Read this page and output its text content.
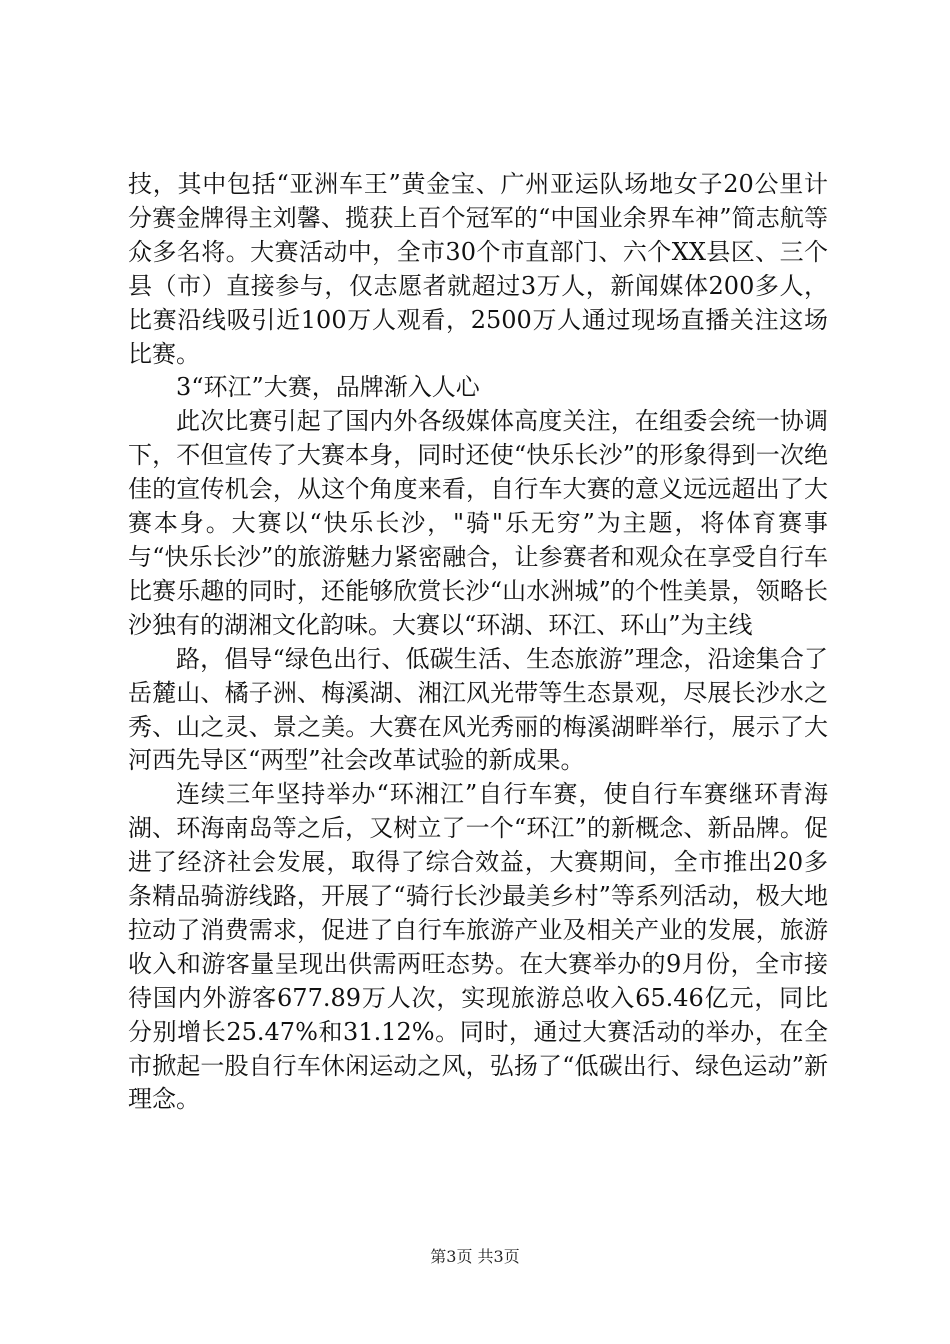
技，其中包括“亚洲车王”黄金宝、广州亚运队场地女子20公里计分赛金牌得主刘馨、揽获上百个冠军的“中国业余界车神”简志航等众多名将。大赛活动中，全市30个市直部门、六个XX县区、三个县（市）直接参与，仅志愿者就超过3万人，新闻媒体200多人，比赛沿线吸引近100万人观看，2500万人通过现场直播关注这场比赛。

3“环江”大赛，品牌渐入人心

此次比赛引起了国内外各级媒体高度关注，在组委会统一协调下，不但宣传了大赛本身，同时还使“快乐长沙”的形象得到一次绝佳的宣传机会，从这个角度来看，自行车大赛的意义远远超出了大赛本身。大赛以“快乐长沙，"骑"乐无穷”为主题，将体育赛事与“快乐长沙”的旅游魅力紧密融合，让参赛者和观众在享受自行车比赛乐趣的同时，还能够欣赏长沙“山水洲城”的个性美景，领略长沙独有的湖湘文化韵味。大赛以“环湖、环江、环山”为主线

路，倡导“绿色出行、低碳生活、生态旅游”理念，沿途集合了岳麓山、橘子洲、梅溪湖、湘江风光带等生态景观，尽展长沙水之秀、山之灵、景之美。大赛在风光秀丽的梅溪湖畔举行，展示了大河西先导区“两型”社会改革试验的新成果。

连续三年坚持举办“环湘江”自行车赛，使自行车赛继环青海湖、环海南岛等之后，又树立了一个“环江”的新概念、新品牌。促进了经济社会发展，取得了综合效益，大赛期间，全市推出20多条精品骑游线路，开展了“骑行长沙最美乡村”等系列活动，极大地拉动了消费需求，促进了自行车旅游产业及相关产业的发展，旅游收入和游客量呈现出供需两旺态势。在大赛举办的9月份，全市接待国内外游客677.89万人次，实现旅游总收入65.46亿元，同比分别增长25.47%和31.12%。同时，通过大赛活动的举办，在全市掀起一股自行车休闲运动之风，弘扬了“低碳出行、绿色运动”新理念。

第3页 共3页
